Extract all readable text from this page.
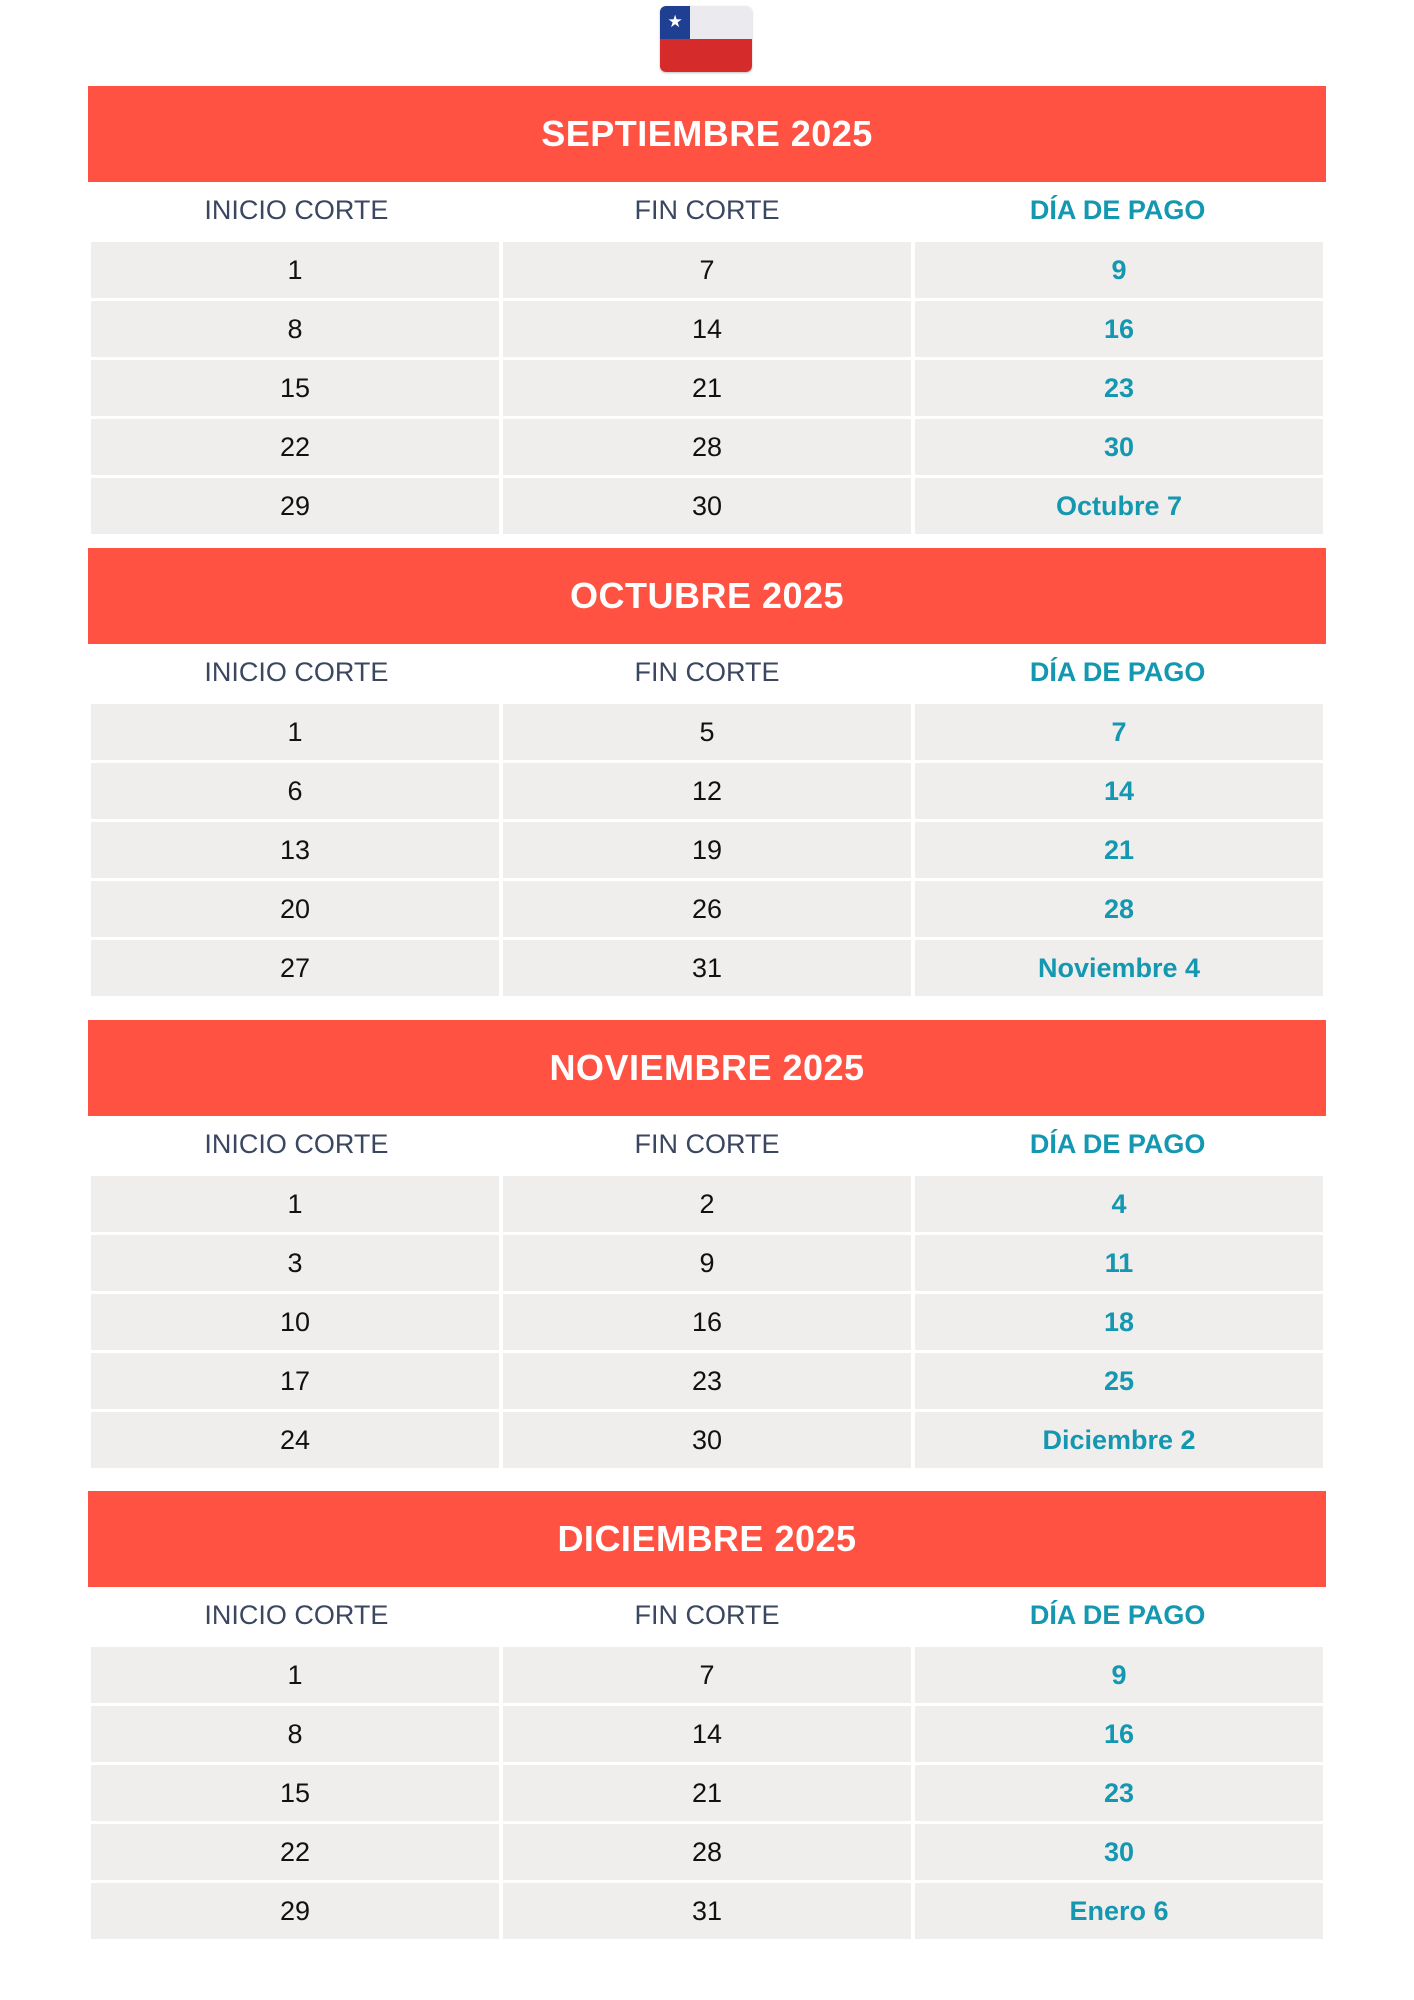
★
SEPTIEMBRE 2025
INICIO CORTE	FIN CORTE	DÍA DE PAGO
1	7	9
8	14	16
15	21	23
22	28	30
29	30	Octubre 7
OCTUBRE 2025
INICIO CORTE	FIN CORTE	DÍA DE PAGO
1	5	7
6	12	14
13	19	21
20	26	28
27	31	Noviembre 4
NOVIEMBRE 2025
INICIO CORTE	FIN CORTE	DÍA DE PAGO
1	2	4
3	9	11
10	16	18
17	23	25
24	30	Diciembre 2
DICIEMBRE 2025
INICIO CORTE	FIN CORTE	DÍA DE PAGO
1	7	9
8	14	16
15	21	23
22	28	30
29	31	Enero 6
